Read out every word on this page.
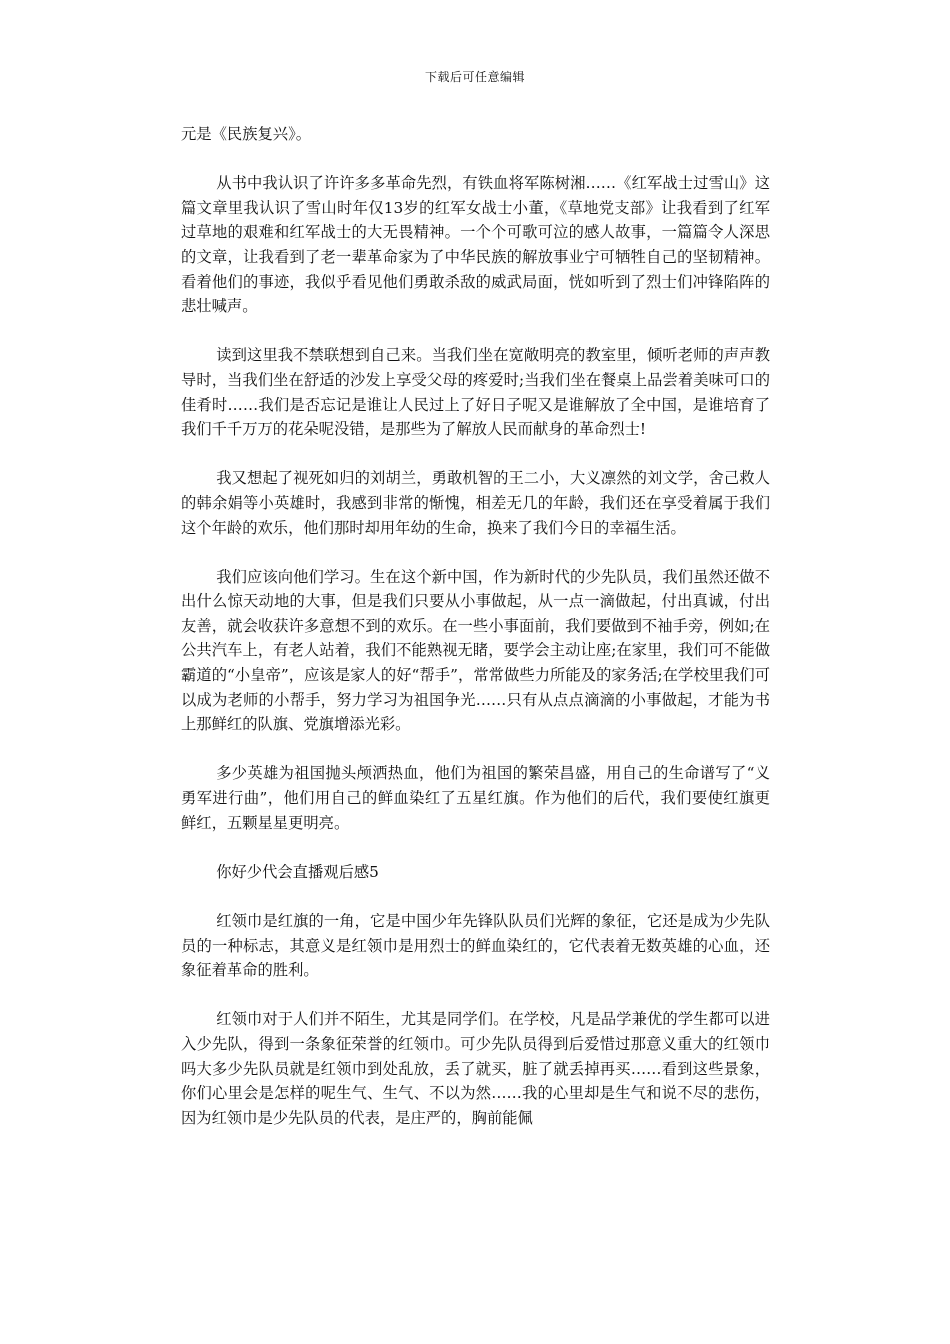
下载后可任意编辑

元是《民族复兴》。

从书中我认识了许许多多革命先烈，有铁血将军陈树湘……《红军战士过雪山》这篇文章里我认识了雪山时年仅13岁的红军女战士小董，《草地党支部》让我看到了红军过草地的艰难和红军战士的大无畏精神。一个个可歌可泣的感人故事，一篇篇令人深思的文章，让我看到了老一辈革命家为了中华民族的解放事业宁可牺牲自己的坚韧精神。看着他们的事迹，我似乎看见他们勇敢杀敌的威武局面，恍如听到了烈士们冲锋陷阵的悲壮喊声。

读到这里我不禁联想到自己来。当我们坐在宽敞明亮的教室里，倾听老师的声声教导时，当我们坐在舒适的沙发上享受父母的疼爱时;当我们坐在餐桌上品尝着美味可口的佳肴时……我们是否忘记是谁让人民过上了好日子呢又是谁解放了全中国，是谁培育了我们千千万万的花朵呢没错，是那些为了解放人民而献身的革命烈士!

我又想起了视死如归的刘胡兰，勇敢机智的王二小，大义凛然的刘文学，舍己救人的韩余娟等小英雄时，我感到非常的惭愧，相差无几的年龄，我们还在享受着属于我们这个年龄的欢乐，他们那时却用年幼的生命，换来了我们今日的幸福生活。

我们应该向他们学习。生在这个新中国，作为新时代的少先队员，我们虽然还做不出什么惊天动地的大事，但是我们只要从小事做起，从一点一滴做起，付出真诚，付出友善，就会收获许多意想不到的欢乐。在一些小事面前，我们要做到不袖手旁，例如;在公共汽车上，有老人站着，我们不能熟视无睹，要学会主动让座;在家里，我们可不能做霸道的“小皇帝”，应该是家人的好“帮手”，常常做些力所能及的家务活;在学校里我们可以成为老师的小帮手，努力学习为祖国争光……只有从点点滴滴的小事做起，才能为书上那鲜红的队旗、党旗增添光彩。

多少英雄为祖国抛头颅洒热血，他们为祖国的繁荣昌盛，用自己的生命谱写了“义勇军进行曲”，他们用自己的鲜血染红了五星红旗。作为他们的后代，我们要使红旗更鲜红，五颗星星更明亮。

你好少代会直播观后感5

红领巾是红旗的一角，它是中国少年先锋队队员们光辉的象征，它还是成为少先队员的一种标志，其意义是红领巾是用烈士的鲜血染红的，它代表着无数英雄的心血，还象征着革命的胜利。

红领巾对于人们并不陌生，尤其是同学们。在学校，凡是品学兼优的学生都可以进入少先队，得到一条象征荣誉的红领巾。可少先队员得到后爱惜过那意义重大的红领巾吗大多少先队员就是红领巾到处乱放，丢了就买，脏了就丢掉再买……看到这些景象，你们心里会是怎样的呢生气、生气、不以为然……我的心里却是生气和说不尽的悲伤，因为红领巾是少先队员的代表，是庄严的，胸前能佩
